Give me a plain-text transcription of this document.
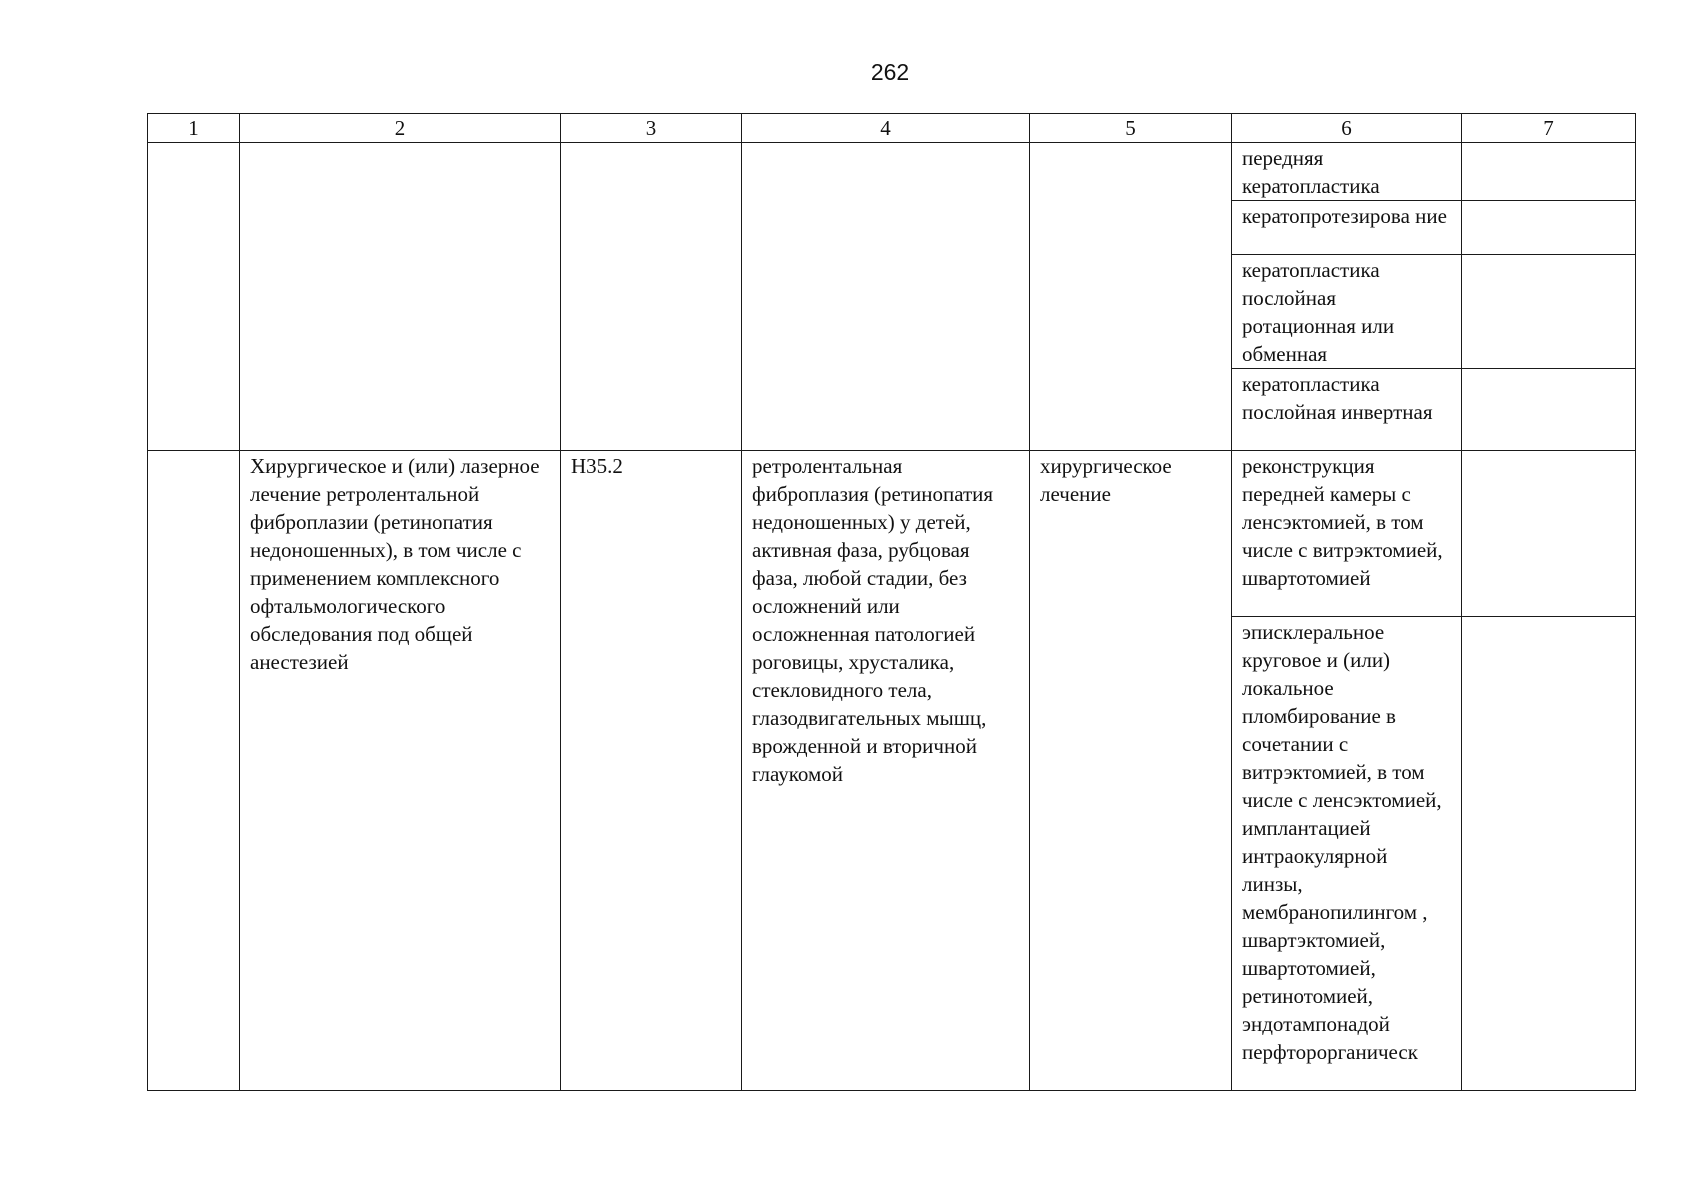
262
1	2	3	4	5	6	7
					передняя кератопластика	
					кератопротезирова ние	
					кератопластика послойная ротационная или обменная	
					кератопластика послойная инвертная	
	Хирургическое и (или) лазерное лечение ретролентальной фиброплазии (ретинопатия недоношенных), в том числе с применением комплексного офтальмологического обследования под общей анестезией	H35.2	ретролентальная фиброплазия (ретинопатия недоношенных) у детей, активная фаза, рубцовая фаза, любой стадии, без осложнений или осложненная патологией роговицы, хрусталика, стекловидного тела, глазодвигательных мышц, врожденной и вторичной глаукомой	хирургическое лечение	реконструкция передней камеры с ленсэктомией, в том числе с витрэктомией, швартотомией	
					эписклеральное круговое и (или) локальное пломбирование в сочетании с витрэктомией, в том числе с ленсэктомией, имплантацией интраокулярной линзы, мембранопилингом , швартэктомией, швартотомией, ретинотомией, эндотампонадой перфторорганическ	
